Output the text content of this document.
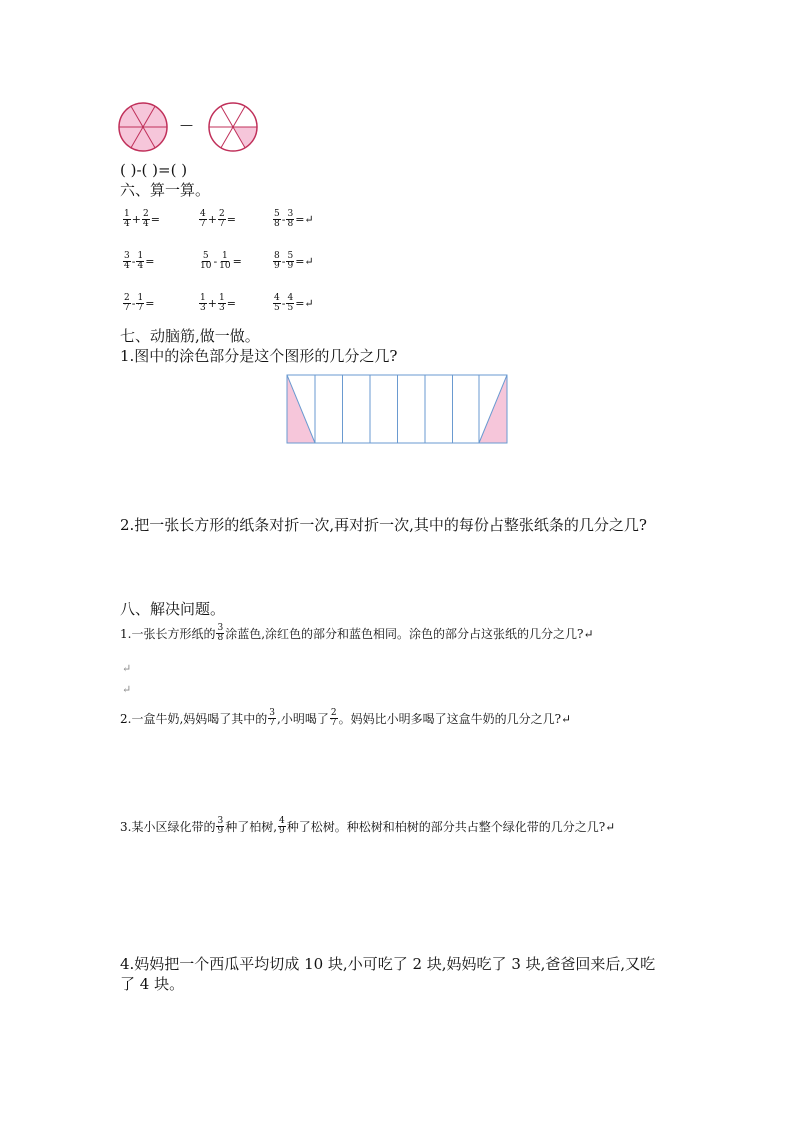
—
( )-( )=( )
六、算一算。
$\frac{1}{4} + \frac{2}{4}$ =	$\frac{4}{7} + \frac{2}{7}$ =	$\frac{5}{8} - \frac{3}{8}$ =↵
$\frac{3}{4} - \frac{1}{4}$ =	$\frac{5}{10} - \frac{1}{10}$ =	$\frac{8}{9} - \frac{5}{9}$ =↵
$\frac{2}{7} - \frac{1}{7}$ =	$\frac{1}{3} + \frac{1}{3}$ =	$\frac{4}{5} - \frac{4}{5}$ =↵
七、动脑筋,做一做。
1.图中的涂色部分是这个图形的几分之几?
2.把一张长方形的纸条对折一次,再对折一次,其中的每份占整张纸条的几分之几?
八、解决问题。
1.一张长方形纸的 $\frac{3}{8}$ 涂蓝色,涂红色的部分和蓝色相同。涂色的部分占这张纸的几分之几?↵
↵
↵
2.一盒牛奶,妈妈喝了其中的 $\frac{3}{7}$ ,小明喝了 $\frac{2}{7}$ 。妈妈比小明多喝了这盒牛奶的几分之几?↵
3.某小区绿化带的 $\frac{3}{9}$ 种了柏树, $\frac{4}{9}$ 种了松树。种松树和柏树的部分共占整个绿化带的几分之几?↵
4.妈妈把一个西瓜平均切成 10 块,小可吃了 2 块,妈妈吃了 3 块,爸爸回来后,又吃
了 4 块。
